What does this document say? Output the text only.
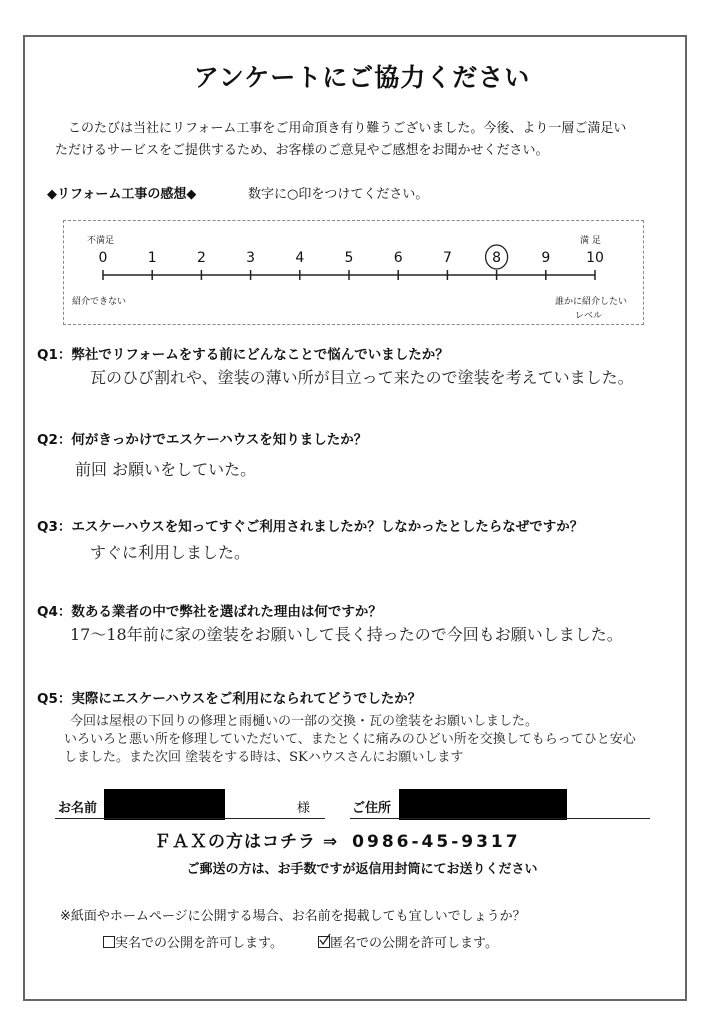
アンケートにご協力ください
このたびは当社にリフォーム工事をご用命頂き有り難うございました。今後、より一層ご満足い
ただけるサービスをご提供するため、お客様のご意見やご感想をお聞かせください。
◆リフォーム工事の感想◆	数字に○印をつけてください。
0	1	2	3	4	5	6	7	8	9	10
不満足	満 足
紹介できない	誰かに紹介したい
レベル
Q1：弊社でリフォームをする前にどんなことで悩んでいましたか？
瓦のひび割れや、塗装の薄い所が目立って来たので塗装を考えていました。
Q2：何がきっかけでエスケーハウスを知りましたか？
前回 お願いをしていた。
Q3：エスケーハウスを知ってすぐご利用されましたか？しなかったとしたらなぜですか？
すぐに利用しました。
Q4：数ある業者の中で弊社を選ばれた理由は何ですか？
17〜18年前に家の塗装をお願いして長く持ったので今回もお願いしました。
Q5：実際にエスケーハウスをご利用になられてどうでしたか？
今回は屋根の下回りの修理と雨樋いの一部の交換・瓦の塗装をお願いしました。
いろいろと悪い所を修理していただいて、またとくに痛みのひどい所を交換してもらってひと安心
しました。また次回 塗装をする時は、SKハウスさんにお願いします
お名前	様	ご住所
ＦＡＸの方はコチラ ⇒ 0986-45-9317
ご郵送の方は、お手数ですが返信用封筒にてお送りください
※紙面やホームページに公開する場合、お名前を掲載しても宜しいでしょうか？
実名での公開を許可します。	匿名での公開を許可します。
